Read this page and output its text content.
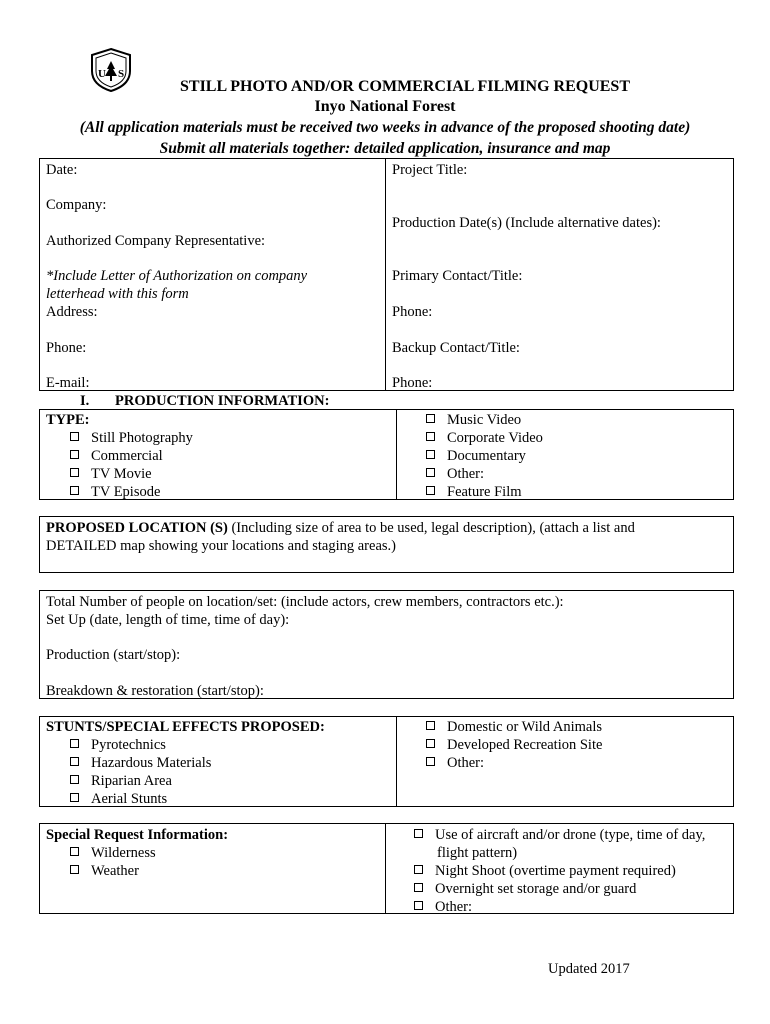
U S
STILL PHOTO AND/OR COMMERCIAL FILMING REQUEST
Inyo National Forest
(All application materials must be received two weeks in advance of the proposed shooting date)
Submit all materials together: detailed application, insurance and map
Date:
Company:
Authorized Company Representative:
*Include Letter of Authorization on company
letterhead with this form
Address:
Phone:
E-mail:
Project Title:
Production Date(s) (Include alternative dates):
Primary Contact/Title:
Phone:
Backup Contact/Title:
Phone:
I. PRODUCTION INFORMATION:
TYPE:
Still Photography
Commercial
TV Movie
TV Episode
Music Video
Corporate Video
Documentary
Other:
Feature Film
PROPOSED LOCATION (S) (Including size of area to be used, legal description), (attach a list and
DETAILED map showing your locations and staging areas.)
Total Number of people on location/set: (include actors, crew members, contractors etc.):
Set Up (date, length of time, time of day):
Production (start/stop):
Breakdown & restoration (start/stop):
STUNTS/SPECIAL EFFECTS PROPOSED:
Pyrotechnics
Hazardous Materials
Riparian Area
Aerial Stunts
Domestic or Wild Animals
Developed Recreation Site
Other:
Special Request Information:
Wilderness
Weather
Use of aircraft and/or drone (type, time of day,
flight pattern)
Night Shoot (overtime payment required)
Overnight set storage and/or guard
Other:
Updated 2017
